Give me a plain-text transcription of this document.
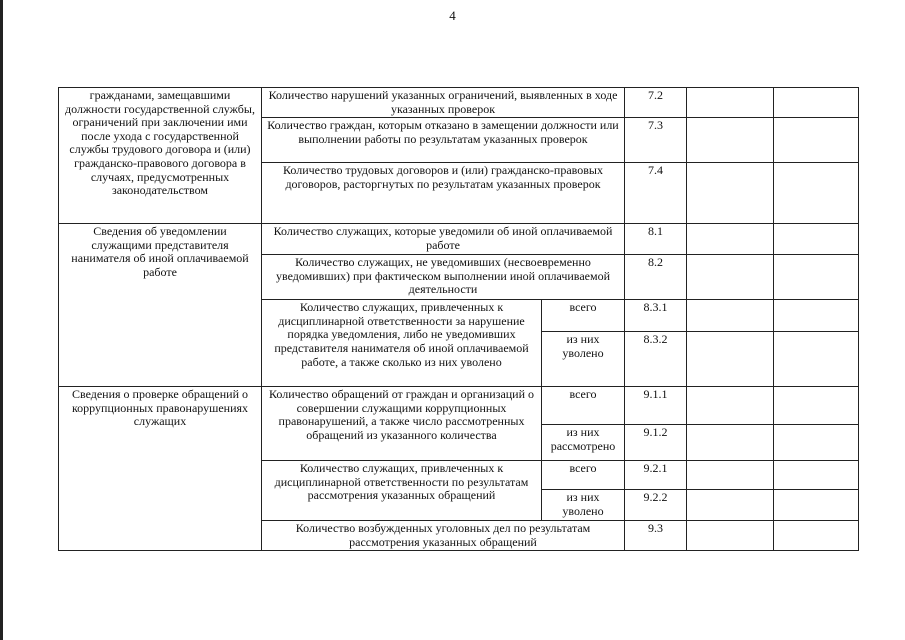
4
гражданами, замещавшими должности государственной службы, ограничений при заключении ими после ухода с государственной службы трудового договора и (или) гражданско-правового договора в случаях, предусмотренных законодательством	Количество нарушений указанных ограничений, выявленных в ходе указанных проверок		7.2		
	Количество граждан, которым отказано в замещении должности или выполнении работы по результатам указанных проверок		7.3		
	Количество трудовых договоров и (или) гражданско-правовых договоров, расторгнутых по результатам указанных проверок		7.4		
Сведения об уведомлении служащими представителя нанимателя об иной оплачиваемой работе	Количество служащих, которые уведомили об иной оплачиваемой работе		8.1		
	Количество служащих, не уведомивших (несвоевременно уведомивших) при фактическом выполнении иной оплачиваемой деятельности		8.2		
	Количество служащих, привлеченных к дисциплинарной ответственности за нарушение порядка уведомления, либо не уведомивших представителя нанимателя об иной оплачиваемой работе, а также сколько из них уволено	всего	8.3.1		
		из них уволено	8.3.2		
Сведения о проверке обращений о коррупционных правонарушениях служащих	Количество обращений от граждан и организаций о совершении служащими коррупционных правонарушений, а также число рассмотренных обращений из указанного количества	всего	9.1.1		
		из них рассмотрено	9.1.2		
	Количество служащих, привлеченных к дисциплинарной ответственности по результатам рассмотрения указанных обращений	всего	9.2.1		
		из них уволено	9.2.2		
	Количество возбужденных уголовных дел по результатам рассмотрения указанных обращений		9.3		
